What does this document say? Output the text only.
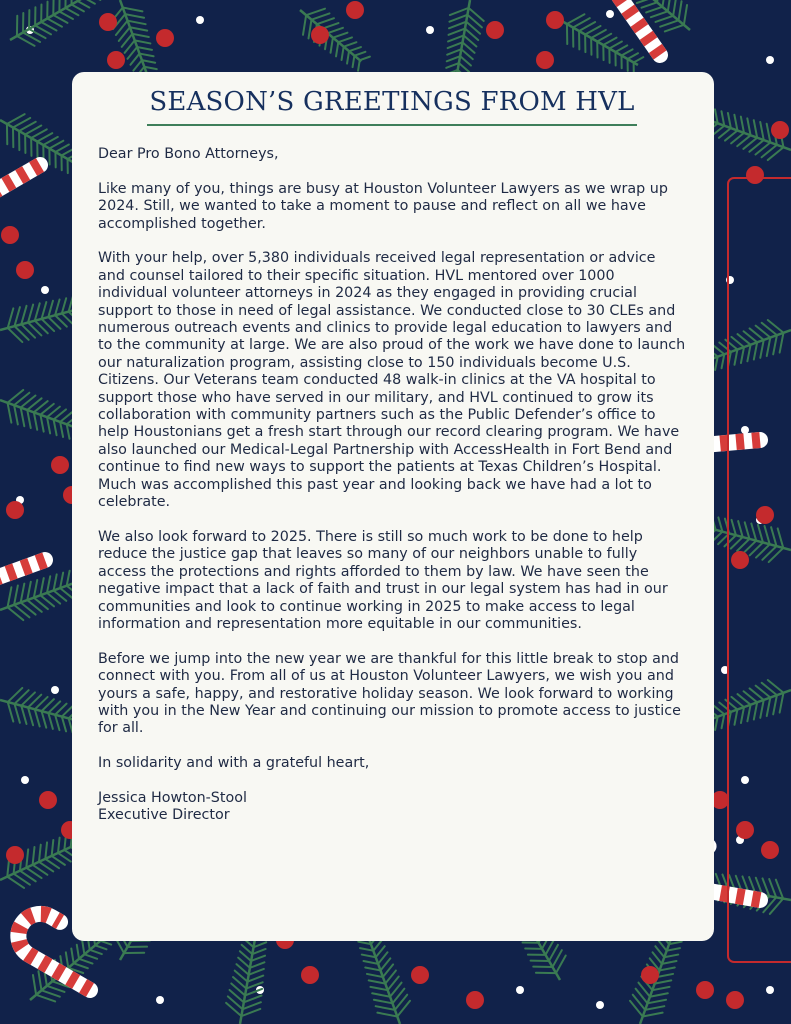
SEASON’S GREETINGS FROM HVL

Dear Pro Bono Attorneys,

Like many of you, things are busy at Houston Volunteer Lawyers as we wrap up 2024. Still, we wanted to take a moment to pause and reflect on all we have accomplished together.

With your help, over 5,380 individuals received legal representation or advice and counsel tailored to their specific situation. HVL mentored over 1000 individual volunteer attorneys in 2024 as they engaged in providing crucial support to those in need of legal assistance. We conducted close to 30 CLEs and numerous outreach events and clinics to provide legal education to lawyers and to the community at large. We are also proud of the work we have done to launch our naturalization program, assisting close to 150 individuals become U.S. Citizens. Our Veterans team conducted 48 walk-in clinics at the VA hospital to support those who have served in our military, and HVL continued to grow its collaboration with community partners such as the Public Defender’s office to help Houstonians get a fresh start through our record clearing program. We have also launched our Medical-Legal Partnership with AccessHealth in Fort Bend and continue to find new ways to support the patients at Texas Children’s Hospital. Much was accomplished this past year and looking back we have had a lot to celebrate.

We also look forward to 2025. There is still so much work to be done to help reduce the justice gap that leaves so many of our neighbors unable to fully access the protections and rights afforded to them by law. We have seen the negative impact that a lack of faith and trust in our legal system has had in our communities and look to continue working in 2025 to make access to legal information and representation more equitable in our communities.

Before we jump into the new year we are thankful for this little break to stop and connect with you. From all of us at Houston Volunteer Lawyers, we wish you and yours a safe, happy, and restorative holiday season. We look forward to working with you in the New Year and continuing our mission to promote access to justice for all.

In solidarity and with a grateful heart,

Jessica Howton-Stool

Executive Director
